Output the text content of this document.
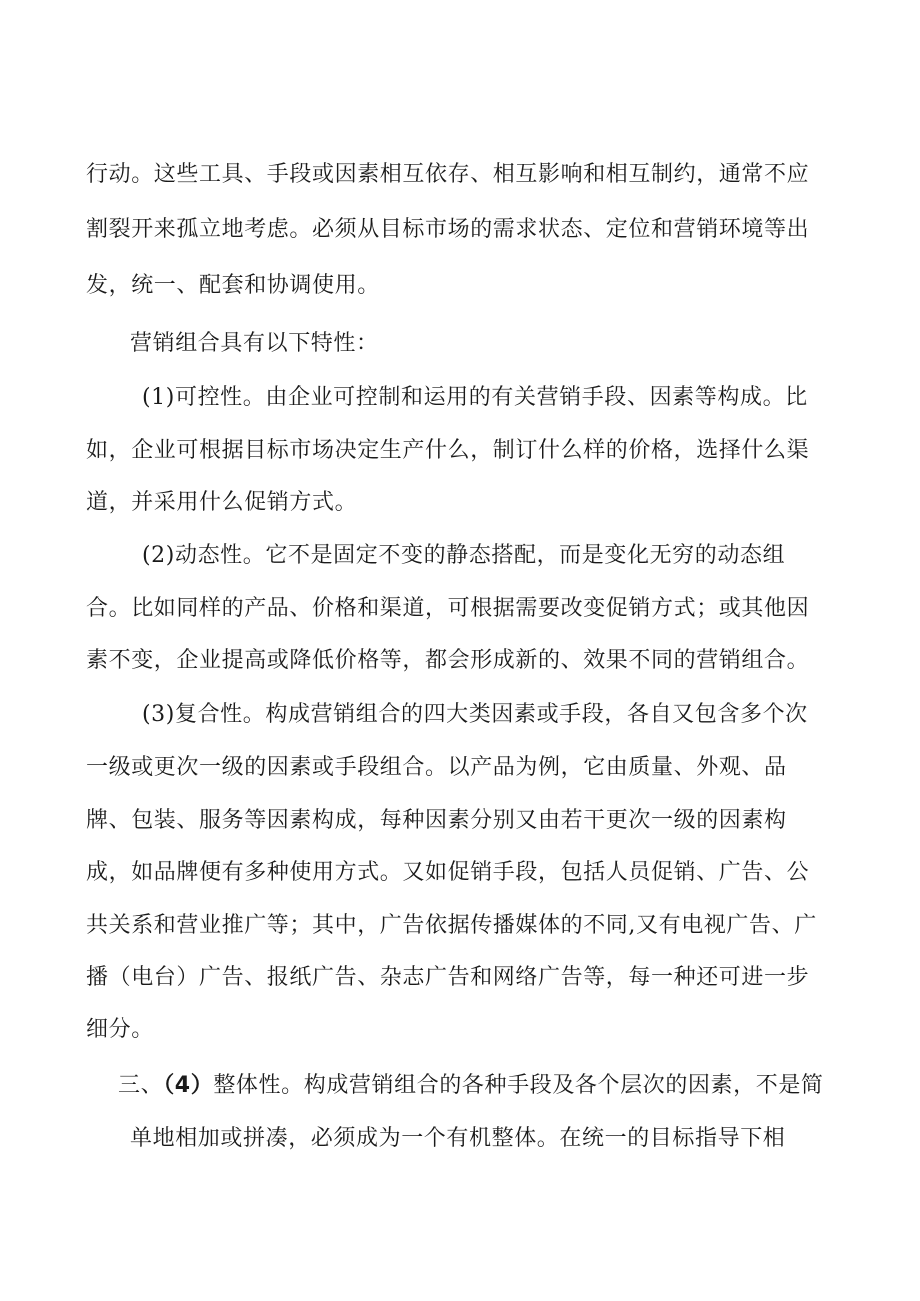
行动。这些工具、手段或因素相互依存、相互影响和相互制约，通常不应
割裂开来孤立地考虑。必须从目标市场的需求状态、定位和营销环境等出
发，统一、配套和协调使用。
营销组合具有以下特性：
(1)可控性。由企业可控制和运用的有关营销手段、因素等构成。比
如，企业可根据目标市场决定生产什么，制订什么样的价格，选择什么渠
道，并采用什么促销方式。
(2)动态性。它不是固定不变的静态搭配，而是变化无穷的动态组
合。比如同样的产品、价格和渠道，可根据需要改变促销方式；或其他因
素不变，企业提高或降低价格等，都会形成新的、效果不同的营销组合。
(3)复合性。构成营销组合的四大类因素或手段，各自又包含多个次
一级或更次一级的因素或手段组合。以产品为例，它由质量、外观、品
牌、包装、服务等因素构成，每种因素分别又由若干更次一级的因素构
成，如品牌便有多种使用方式。又如促销手段，包括人员促销、广告、公
共关系和营业推广等；其中，广告依据传播媒体的不同,又有电视广告、广
播（电台）广告、报纸广告、杂志广告和网络广告等，每一种还可进一步
细分。
三、（4）整体性。构成营销组合的各种手段及各个层次的因素，不是简
单地相加或拼凑，必须成为一个有机整体。在统一的目标指导下相
